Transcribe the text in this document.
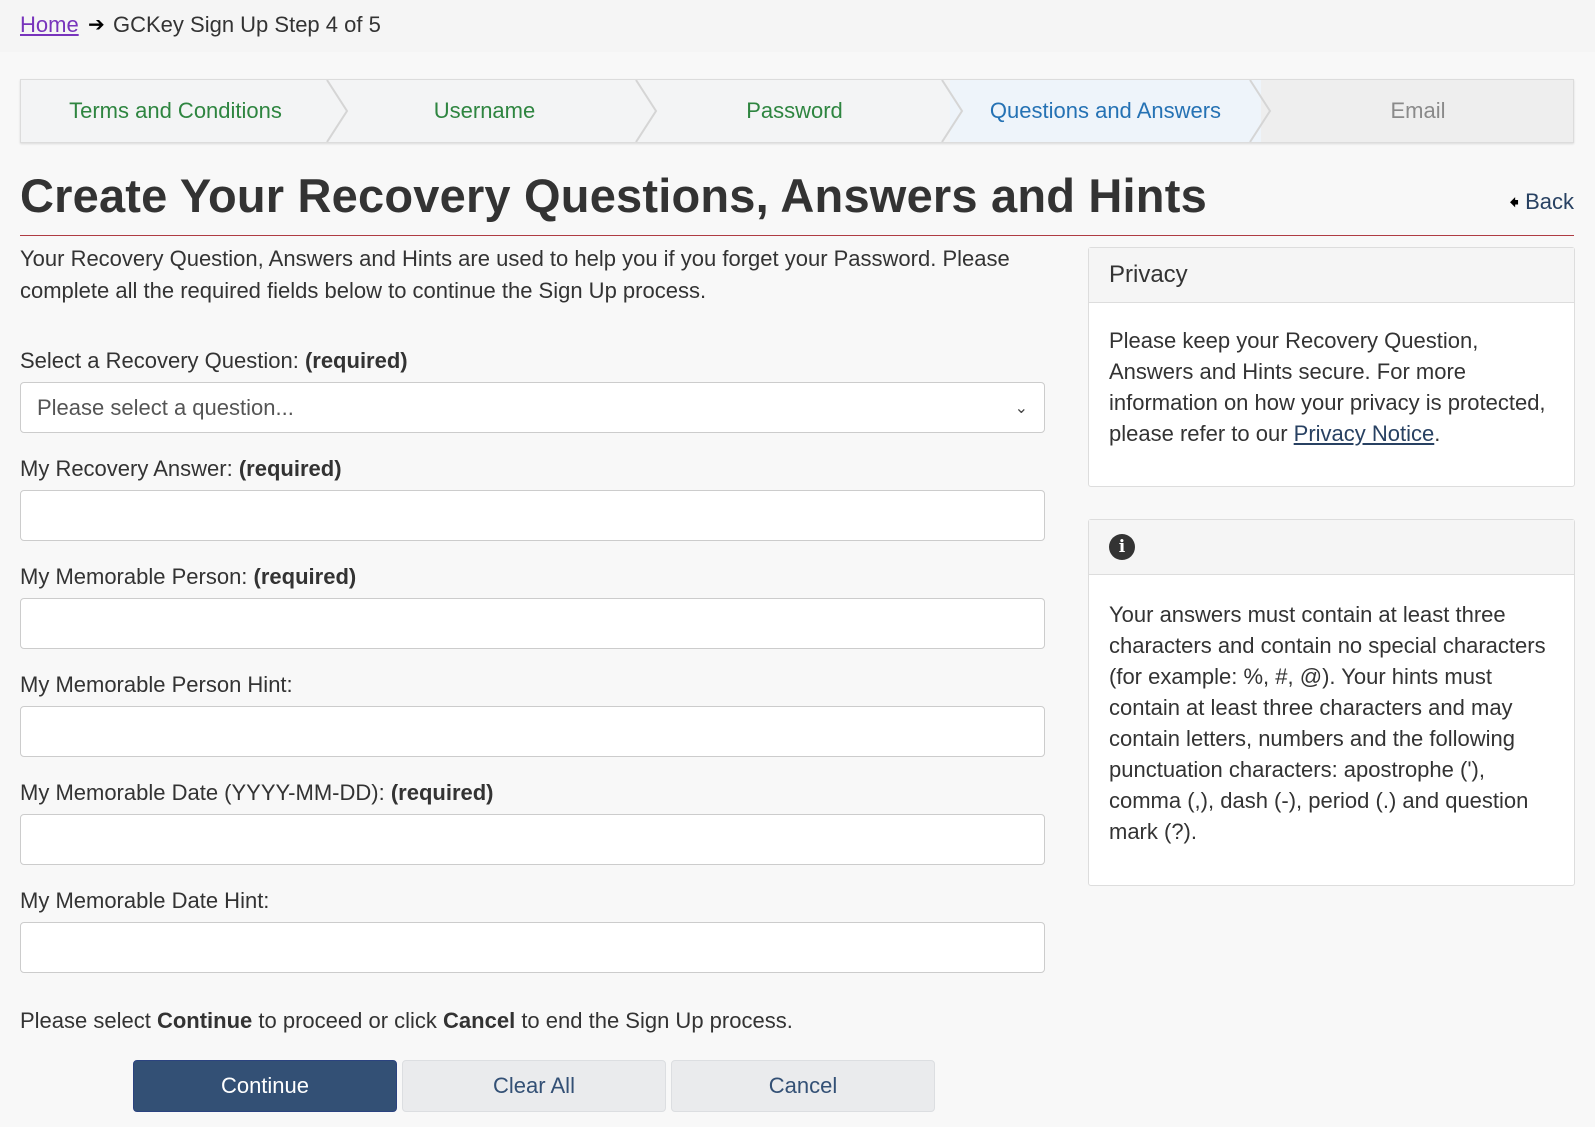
Home ➔ GCKey Sign Up Step 4 of 5
Terms and Conditions	Username	Password	Questions and Answers	Email
Create Your Recovery Questions, Answers and Hints	🠸 Back

Your Recovery Question, Answers and Hints are used to help you if you forget your Password. Please complete all the required fields below to continue the Sign Up process.

Select a Recovery Question: (required)
Please select a question...	⌄
My Recovery Answer: (required)
My Memorable Person: (required)
My Memorable Person Hint:
My Memorable Date (YYYY-MM-DD): (required)
My Memorable Date Hint:

Please select Continue to proceed or click Cancel to end the Sign Up process.

Continue	Clear All	Cancel
Privacy
Please keep your Recovery Question, Answers and Hints secure. For more information on how your privacy is protected, please refer to our Privacy Notice.
i
Your answers must contain at least three characters and contain no special characters (for example: %, #, @). Your hints must contain at least three characters and may contain letters, numbers and the following punctuation characters: apostrophe ('), comma (,), dash (-), period (.) and question mark (?).
